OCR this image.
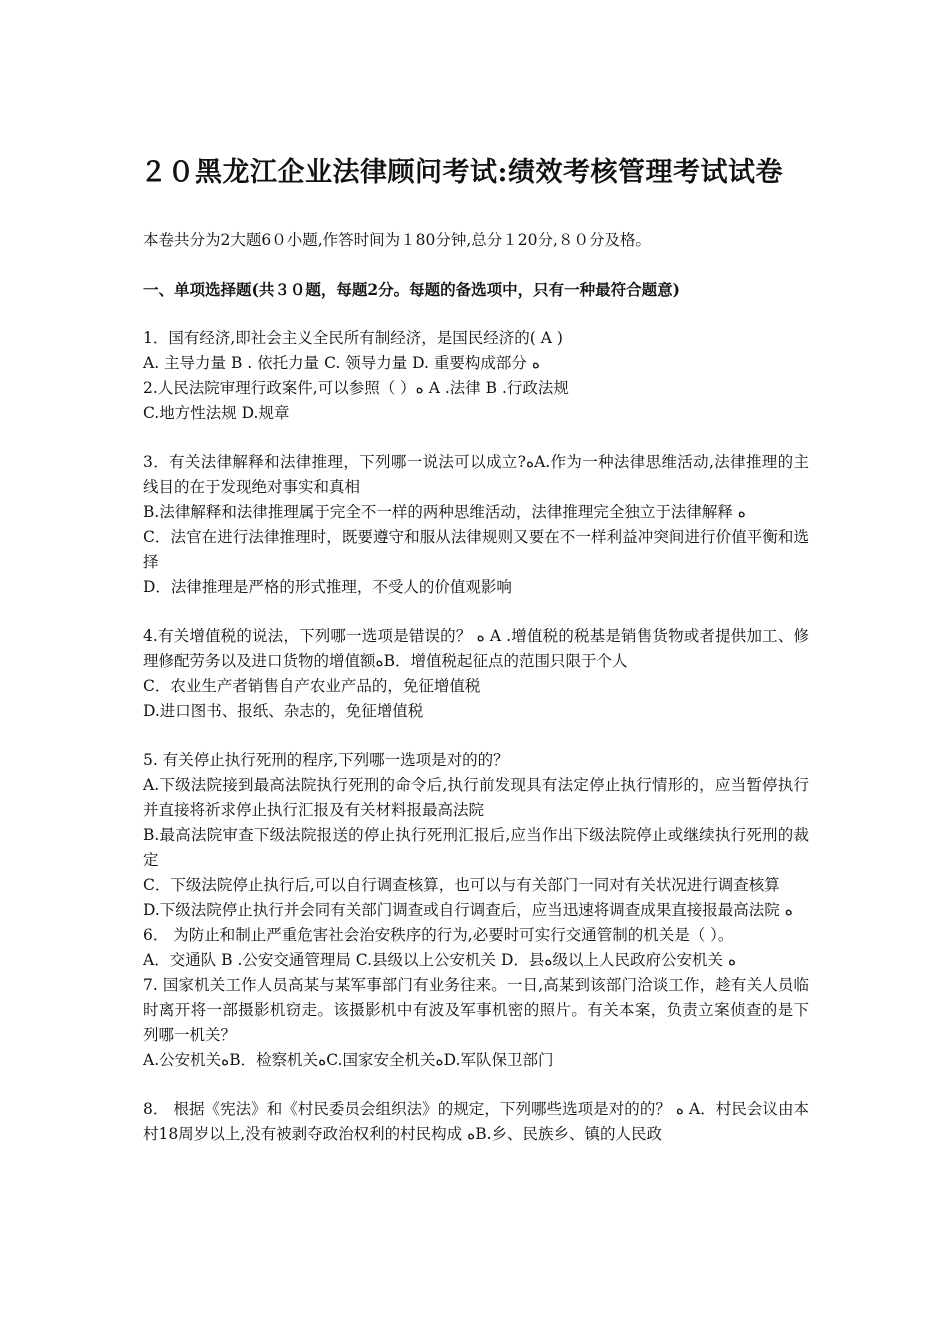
２０黑龙江企业法律顾问考试:绩效考核管理考试试卷

本卷共分为2大题6０小题,作答时间为１80分钟,总分１20分,８０分及格。

一、单项选择题(共３０题，每题2分。每题的备选项中，只有一种最符合题意)

1．国有经济,即社会主义全民所有制经济，是国民经济的( A )

A. 主导力量 B . 依托力量 C. 领导力量 D. 重要构成部分 ﻩ

2.人民法院审理行政案件,可以参照（ ）ﻩ A .法律 B .行政法规

C.地方性法规 D.规章

3．有关法律解释和法律推理，下列哪一说法可以成立?ﻩA.作为一种法律思维活动,法律推理的主线目的在于发现绝对事实和真相

B.法律解释和法律推理属于完全不一样的两种思维活动，法律推理完全独立于法律解释 ﻩ

C．法官在进行法律推理时，既要遵守和服从法律规则又要在不一样利益冲突间进行价值平衡和选择

D．法律推理是严格的形式推理，不受人的价值观影响

4.有关增值税的说法，下列哪一选项是错误的？ ﻩ A .增值税的税基是销售货物或者提供加工、修理修配劳务以及进口货物的增值额ﻩB．增值税起征点的范围只限于个人

C．农业生产者销售自产农业产品的，免征增值税

D.进口图书、报纸、杂志的，免征增值税

5. 有关停止执行死刑的程序,下列哪一选项是对的的？

A.下级法院接到最高法院执行死刑的命令后,执行前发现具有法定停止执行情形的，应当暂停执行并直接将祈求停止执行汇报及有关材料报最高法院

B.最高法院审查下级法院报送的停止执行死刑汇报后,应当作出下级法院停止或继续执行死刑的裁定

C．下级法院停止执行后,可以自行调查核算，也可以与有关部门一同对有关状况进行调查核算

D.下级法院停止执行并会同有关部门调查或自行调查后，应当迅速将调查成果直接报最高法院 ﻩ

6． 为防止和制止严重危害社会治安秩序的行为,必要时可实行交通管制的机关是（ ）。

A．交通队 B .公安交通管理局 C.县级以上公安机关 D．县ﻩ级以上人民政府公安机关 ﻩ

7. 国家机关工作人员高某与某军事部门有业务往来。一日,高某到该部门洽谈工作，趁有关人员临时离开将一部摄影机窃走。该摄影机中有波及军事机密的照片。有关本案，负责立案侦查的是下列哪一机关？

A.公安机关ﻩB．检察机关ﻩC.国家安全机关ﻩD.军队保卫部门

8． 根据《宪法》和《村民委员会组织法》的规定，下列哪些选项是对的的？ ﻩ A．村民会议由本村18周岁以上,没有被剥夺政治权利的村民构成 ﻩB.乡、民族乡、镇的人民政
